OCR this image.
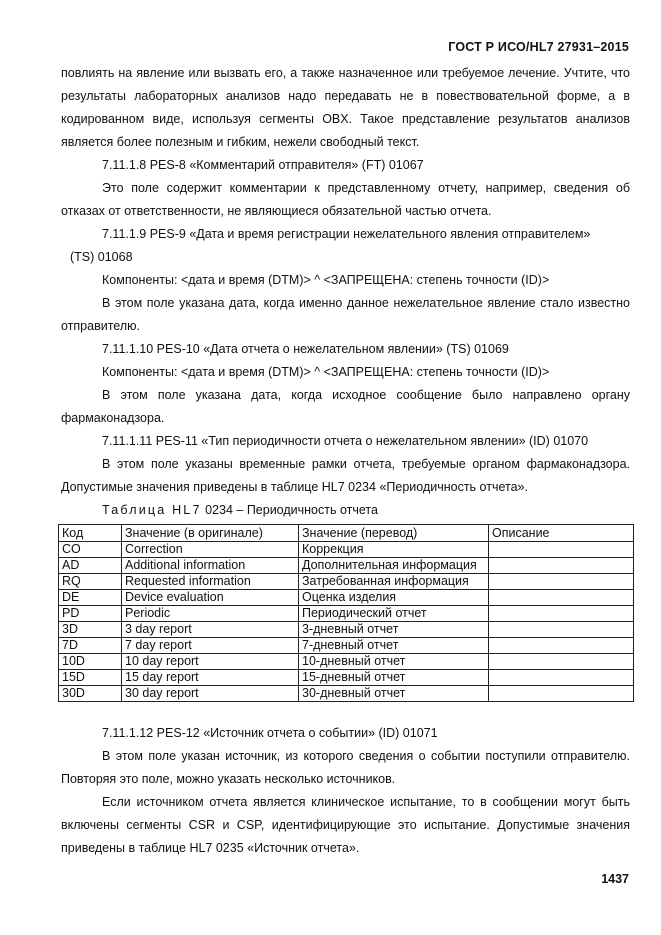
ГОСТ Р ИСО/HL7 27931–2015

повлиять на явление или вызвать его, а также назначенное или требуемое лечение. Учтите, что результаты лабораторных анализов надо передавать не в повествовательной форме, а в кодированном виде, используя сегменты OBX. Такое представление результатов анализов является более полезным и гибким, нежели свободный текст.

7.11.1.8 PES-8 «Комментарий отправителя» (FT) 01067

Это поле содержит комментарии к представленному отчету, например, сведения об отказах от ответственности, не являющиеся обязательной частью отчета.

7.11.1.9 PES-9 «Дата и время регистрации нежелательного явления отправителем»

(TS) 01068

Компоненты: <дата и время (DTM)> ^ <ЗАПРЕЩЕНА: степень точности (ID)>

В этом поле указана дата, когда именно данное нежелательное явление стало известно отправителю.

7.11.1.10 PES-10 «Дата отчета о нежелательном явлении» (TS) 01069

Компоненты: <дата и время (DTM)> ^ <ЗАПРЕЩЕНА: степень точности (ID)>

В этом поле указана дата, когда исходное сообщение было направлено органу фармаконадзора.

7.11.1.11 PES-11 «Тип периодичности отчета о нежелательном явлении» (ID) 01070

В этом поле указаны временные рамки отчета, требуемые органом фармаконадзора. Допустимые значения приведены в таблице HL7 0234 «Периодичность отчета».

Таблица HL7 0234 – Периодичность отчета

Код	Значение (в оригинале)	Значение (перевод)	Описание
CO	Correction	Коррекция	
AD	Additional information	Дополнительная информация	
RQ	Requested information	Затребованная информация	
DE	Device evaluation	Оценка изделия	
PD	Periodic	Периодический отчет	
3D	3 day report	3-дневный отчет	
7D	7 day report	7-дневный отчет	
10D	10 day report	10-дневный отчет	
15D	15 day report	15-дневный отчет	
30D	30 day report	30-дневный отчет	

7.11.1.12 PES-12 «Источник отчета о событии» (ID) 01071

В этом поле указан источник, из которого сведения о событии поступили отправителю. Повторяя это поле, можно указать несколько источников.

Если источником отчета является клиническое испытание, то в сообщении могут быть включены сегменты CSR и CSP, идентифицирующие это испытание. Допустимые значения приведены в таблице HL7 0235 «Источник отчета».

1437
